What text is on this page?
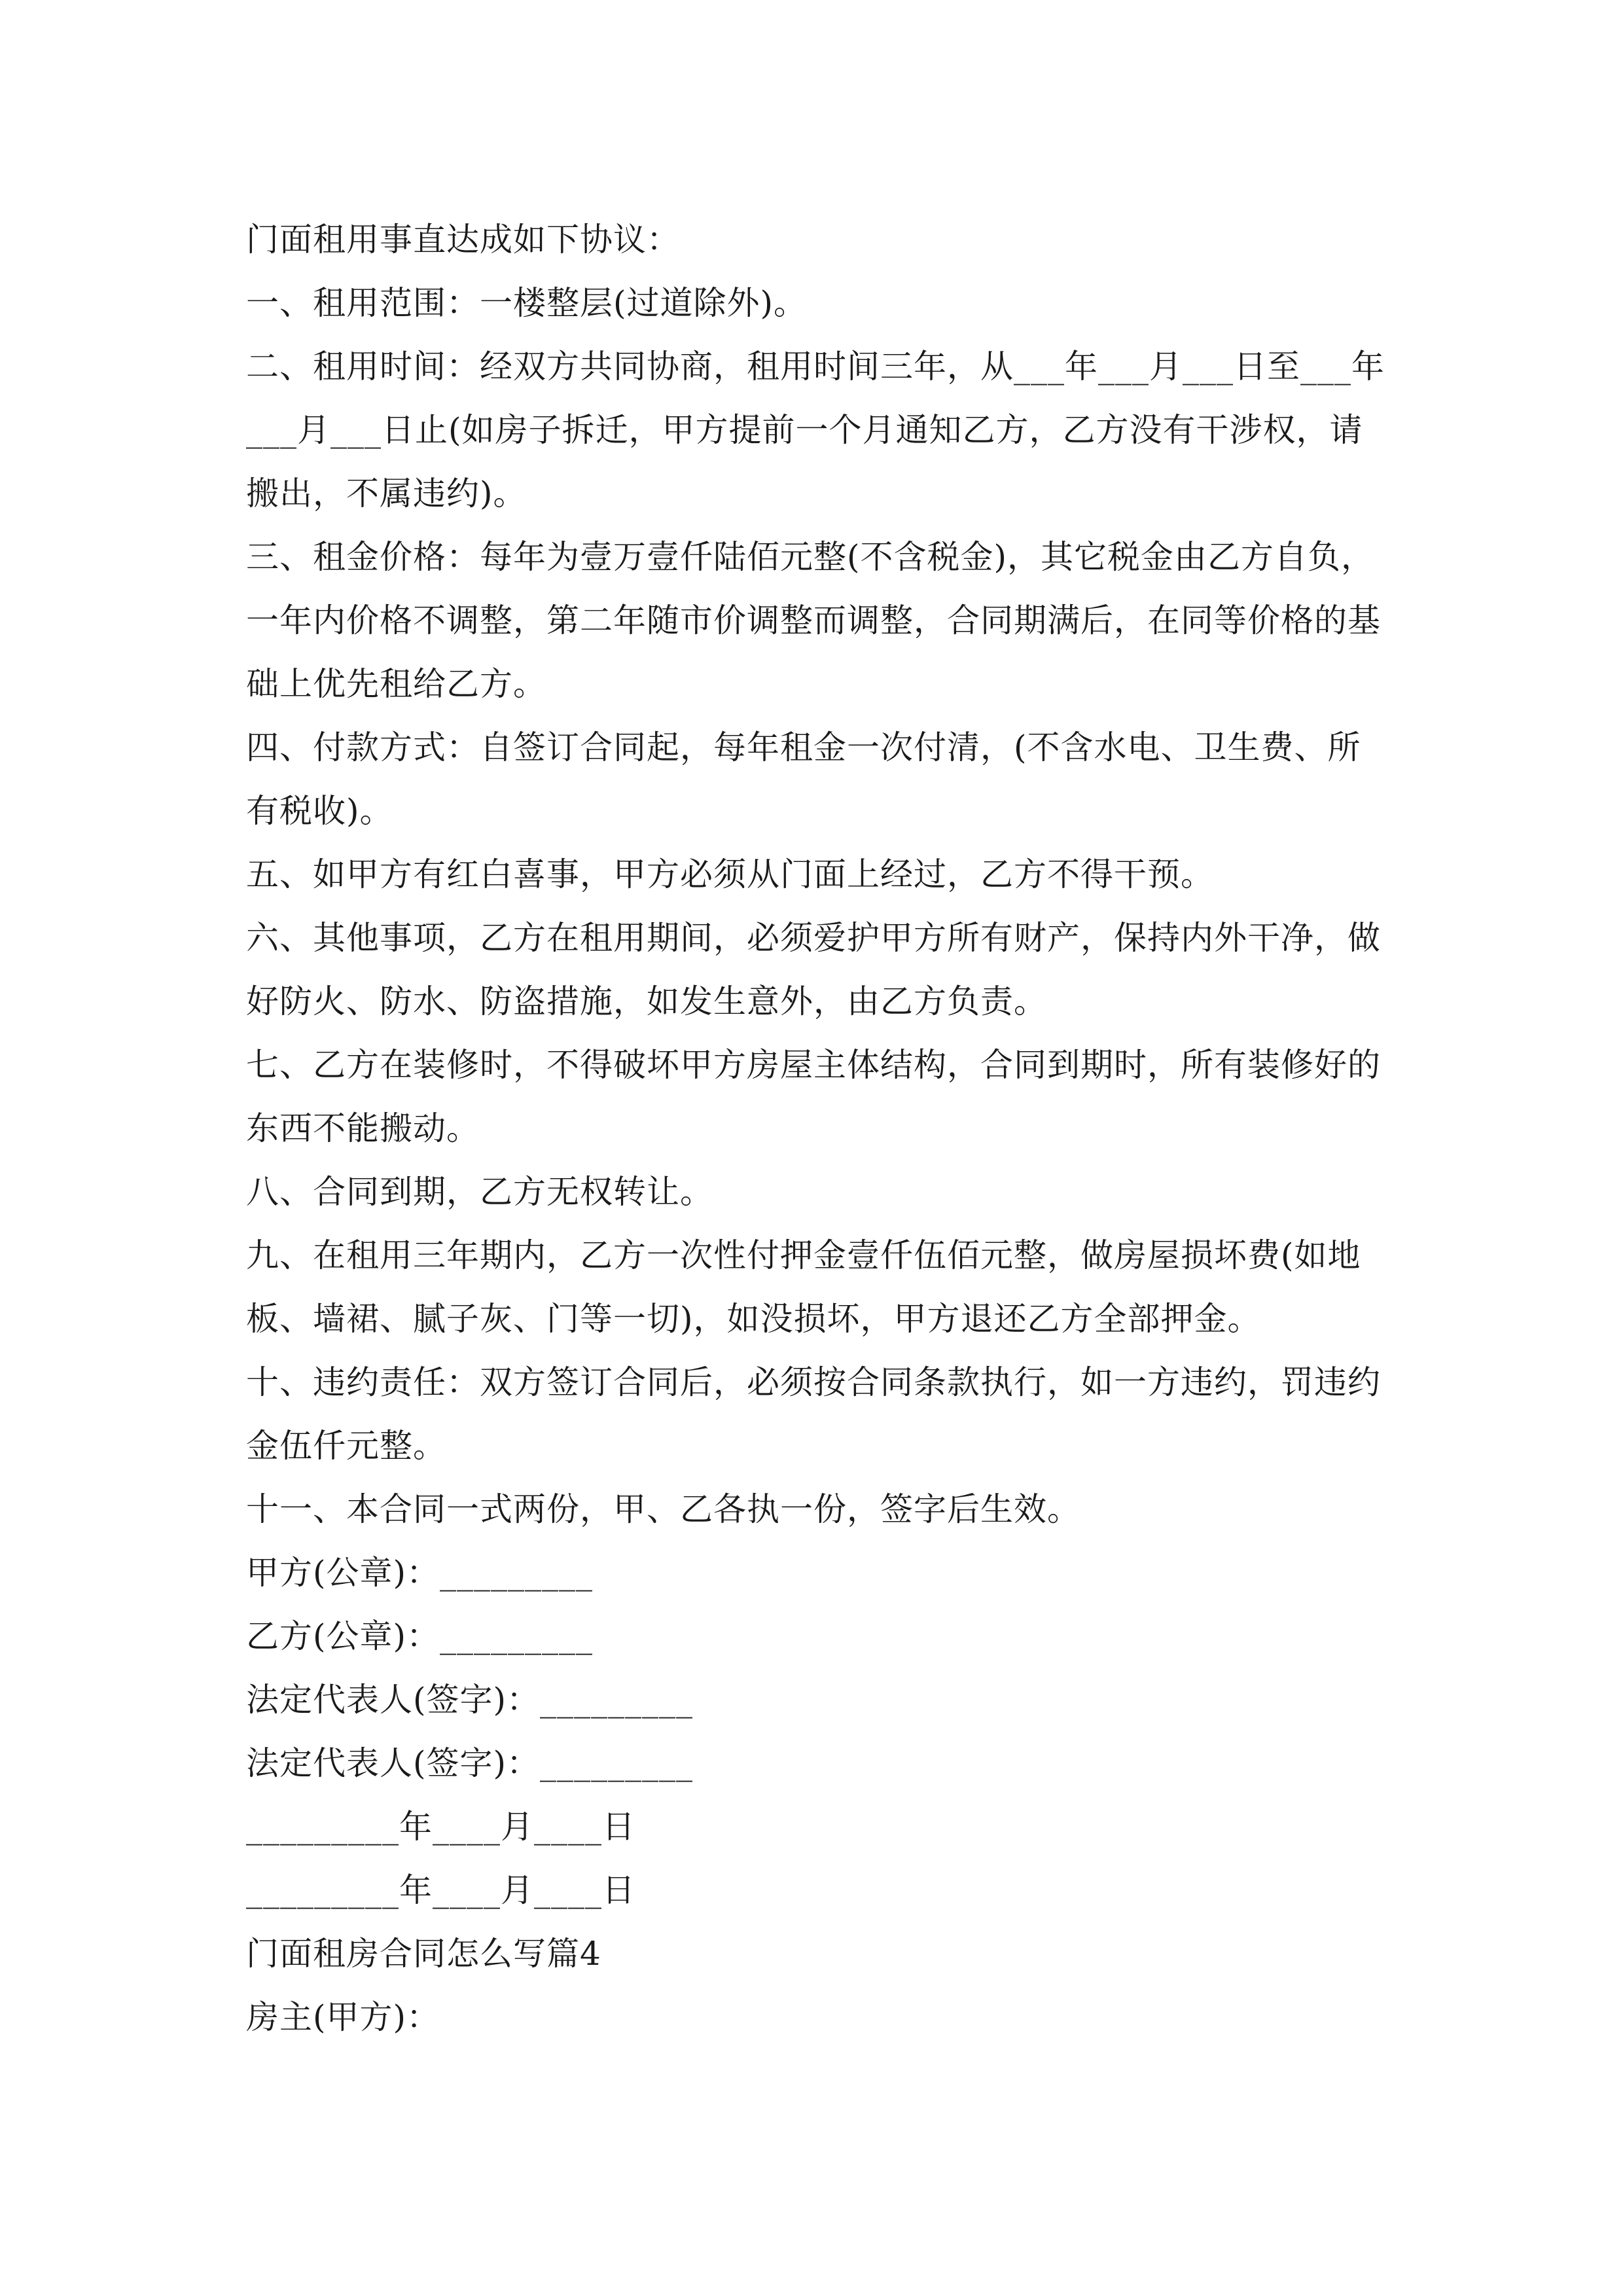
门面租用事直达成如下协议：

一、租用范围：一楼整层(过道除外)。

二、租用时间：经双方共同协商，租用时间三年，从___年___月___日至___年___月___日止(如房子拆迁，甲方提前一个月通知乙方，乙方没有干涉权，请搬出，不属违约)。

三、租金价格：每年为壹万壹仟陆佰元整(不含税金)，其它税金由乙方自负，一年内价格不调整，第二年随市价调整而调整，合同期满后，在同等价格的基础上优先租给乙方。

四、付款方式：自签订合同起，每年租金一次付清，(不含水电、卫生费、所有税收)。

五、如甲方有红白喜事，甲方必须从门面上经过，乙方不得干预。

六、其他事项，乙方在租用期间，必须爱护甲方所有财产，保持内外干净，做好防火、防水、防盗措施，如发生意外，由乙方负责。

七、乙方在装修时，不得破坏甲方房屋主体结构，合同到期时，所有装修好的东西不能搬动。

八、合同到期，乙方无权转让。

九、在租用三年期内，乙方一次性付押金壹仟伍佰元整，做房屋损坏费(如地板、墙裙、腻子灰、门等一切)，如没损坏，甲方退还乙方全部押金。

十、违约责任：双方签订合同后，必须按合同条款执行，如一方违约，罚违约金伍仟元整。

十一、本合同一式两份，甲、乙各执一份，签字后生效。

甲方(公章)：_________

乙方(公章)：_________

法定代表人(签字)：_________

法定代表人(签字)：_________

_________年____月____日

_________年____月____日

门面租房合同怎么写篇4

房主(甲方)：
